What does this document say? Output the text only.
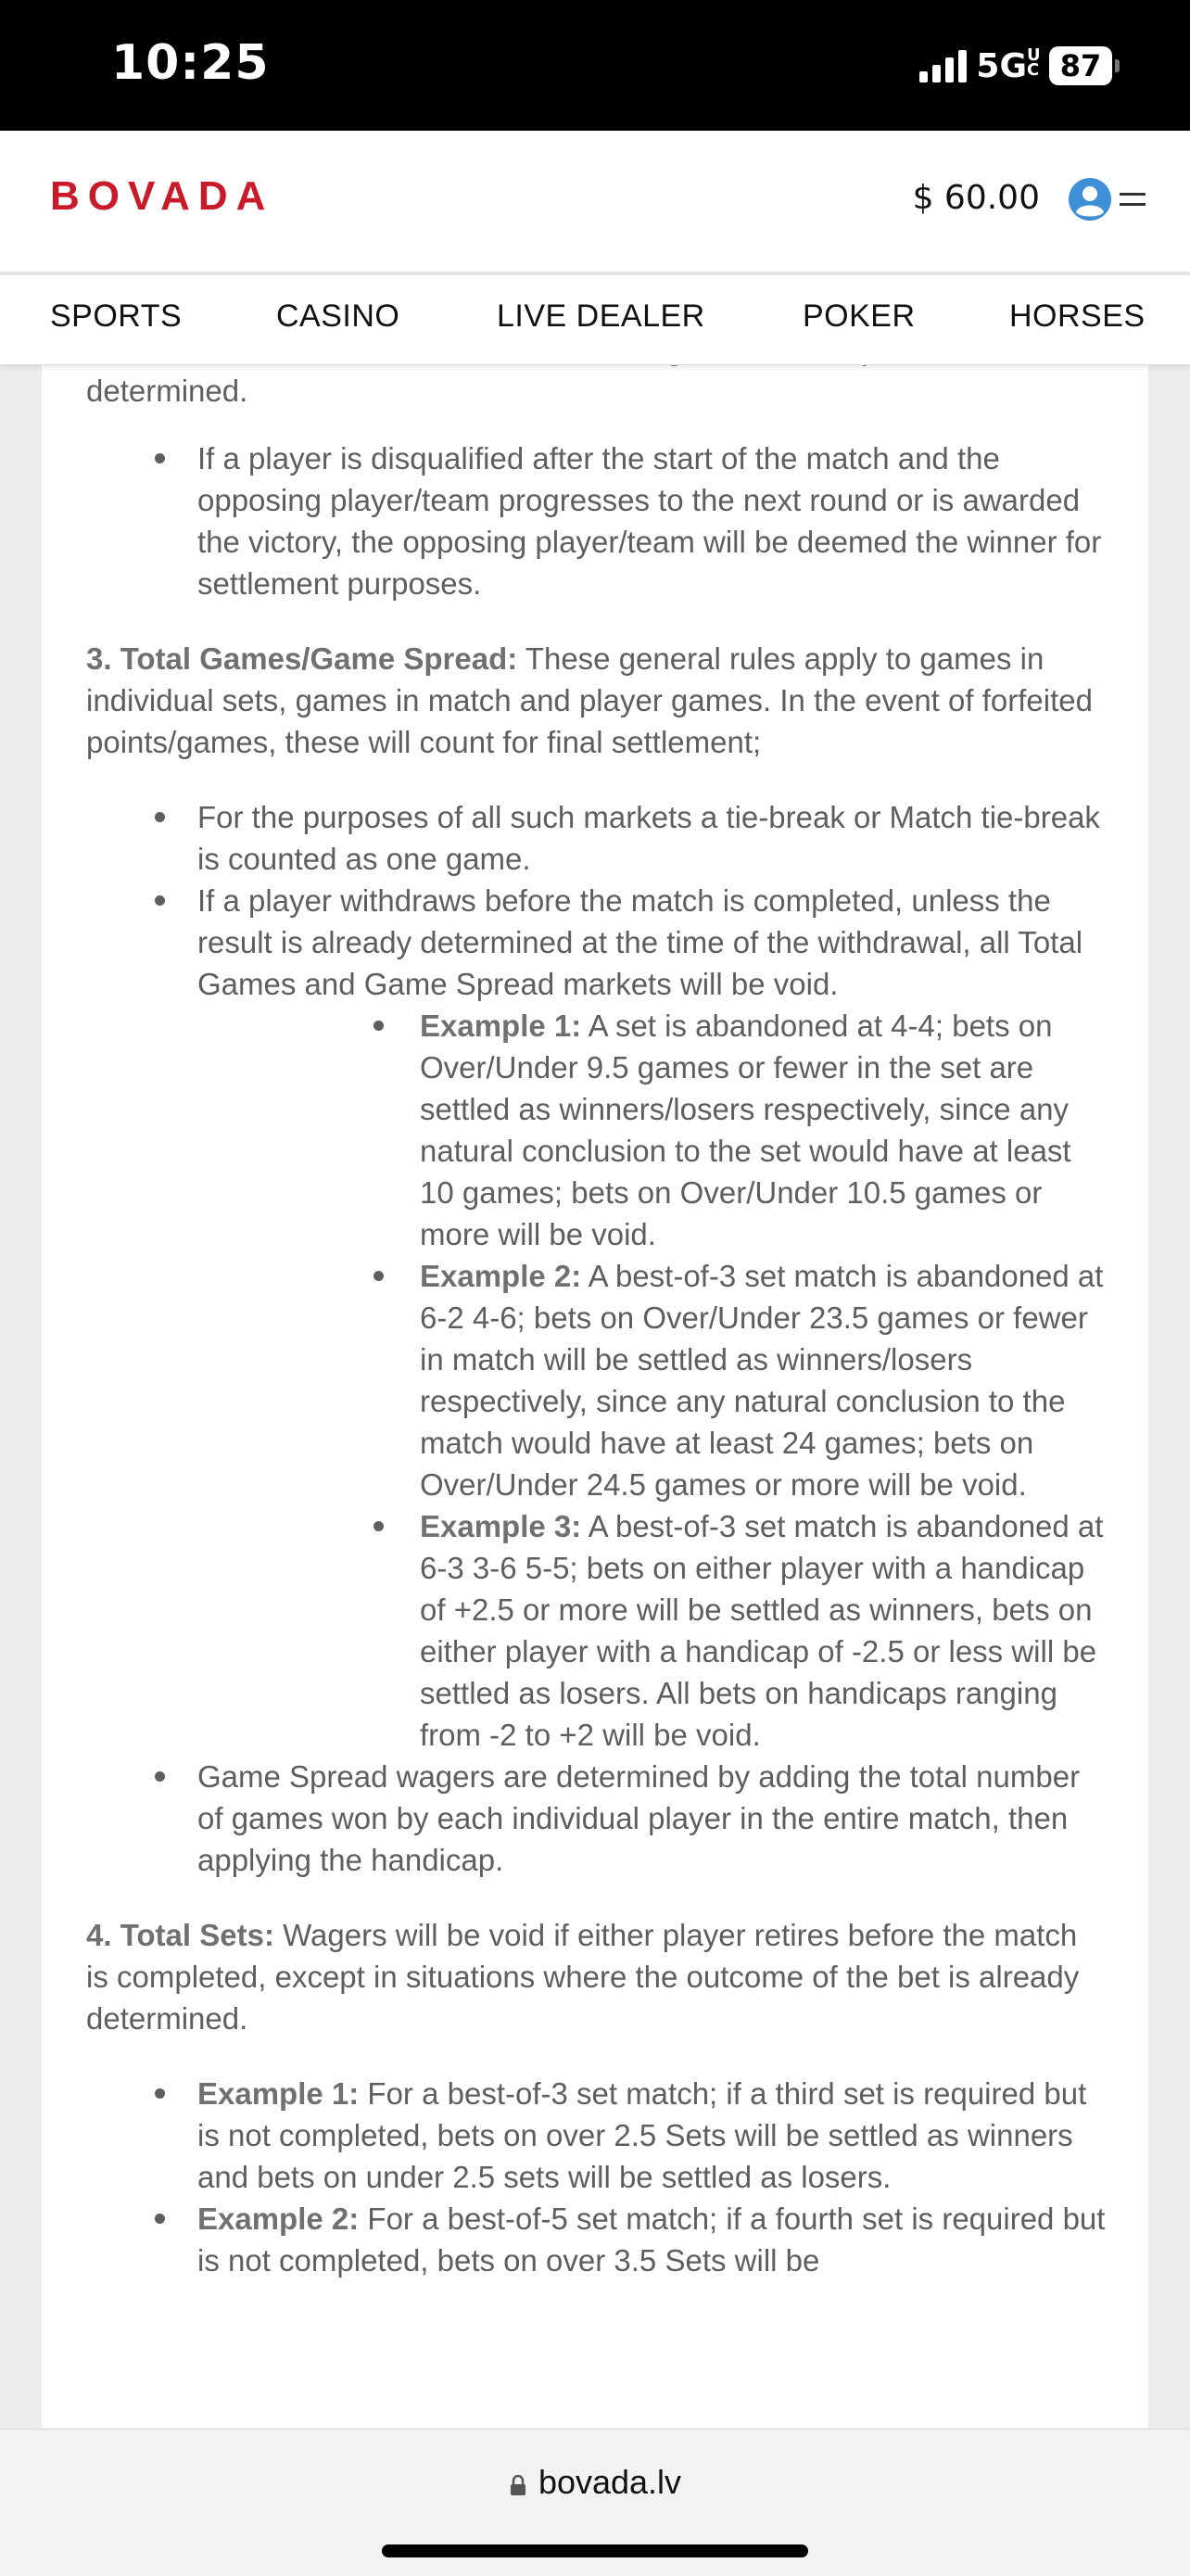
10:25	5GUC 87
BOVADA	$ 60.00
SPORTS	CASINO	LIVE DEALER	POKER	HORSES

determined.

If a player is disqualified after the start of the match and the opposing player/team progresses to the next round or is awarded the victory, the opposing player/team will be deemed the winner for settlement purposes.

3. Total Games/Game Spread: These general rules apply to games in individual sets, games in match and player games. In the event of forfeited points/games, these will count for final settlement;

For the purposes of all such markets a tie-break or Match tie-break is counted as one game.
If a player withdraws before the match is completed, unless the result is already determined at the time of the withdrawal, all Total Games and Game Spread markets will be void.
Example 1: A set is abandoned at 4-4; bets on Over/Under 9.5 games or fewer in the set are settled as winners/losers respectively, since any natural conclusion to the set would have at least 10 games; bets on Over/Under 10.5 games or more will be void.
Example 2: A best-of-3 set match is abandoned at 6-2 4-6; bets on Over/Under 23.5 games or fewer in match will be settled as winners/losers respectively, since any natural conclusion to the match would have at least 24 games; bets on Over/Under 24.5 games or more will be void.
Example 3: A best-of-3 set match is abandoned at 6-3 3-6 5-5; bets on either player with a handicap of +2.5 or more will be settled as winners, bets on either player with a handicap of -2.5 or less will be settled as losers. All bets on handicaps ranging from -2 to +2 will be void.
Game Spread wagers are determined by adding the total number of games won by each individual player in the entire match, then applying the handicap.

4. Total Sets: Wagers will be void if either player retires before the match is completed, except in situations where the outcome of the bet is already determined.

Example 1: For a best-of-3 set match; if a third set is required but is not completed, bets on over 2.5 Sets will be settled as winners and bets on under 2.5 sets will be settled as losers.
Example 2: For a best-of-5 set match; if a fourth set is required but is not completed, bets on over 3.5 Sets will be
bovada.lv
